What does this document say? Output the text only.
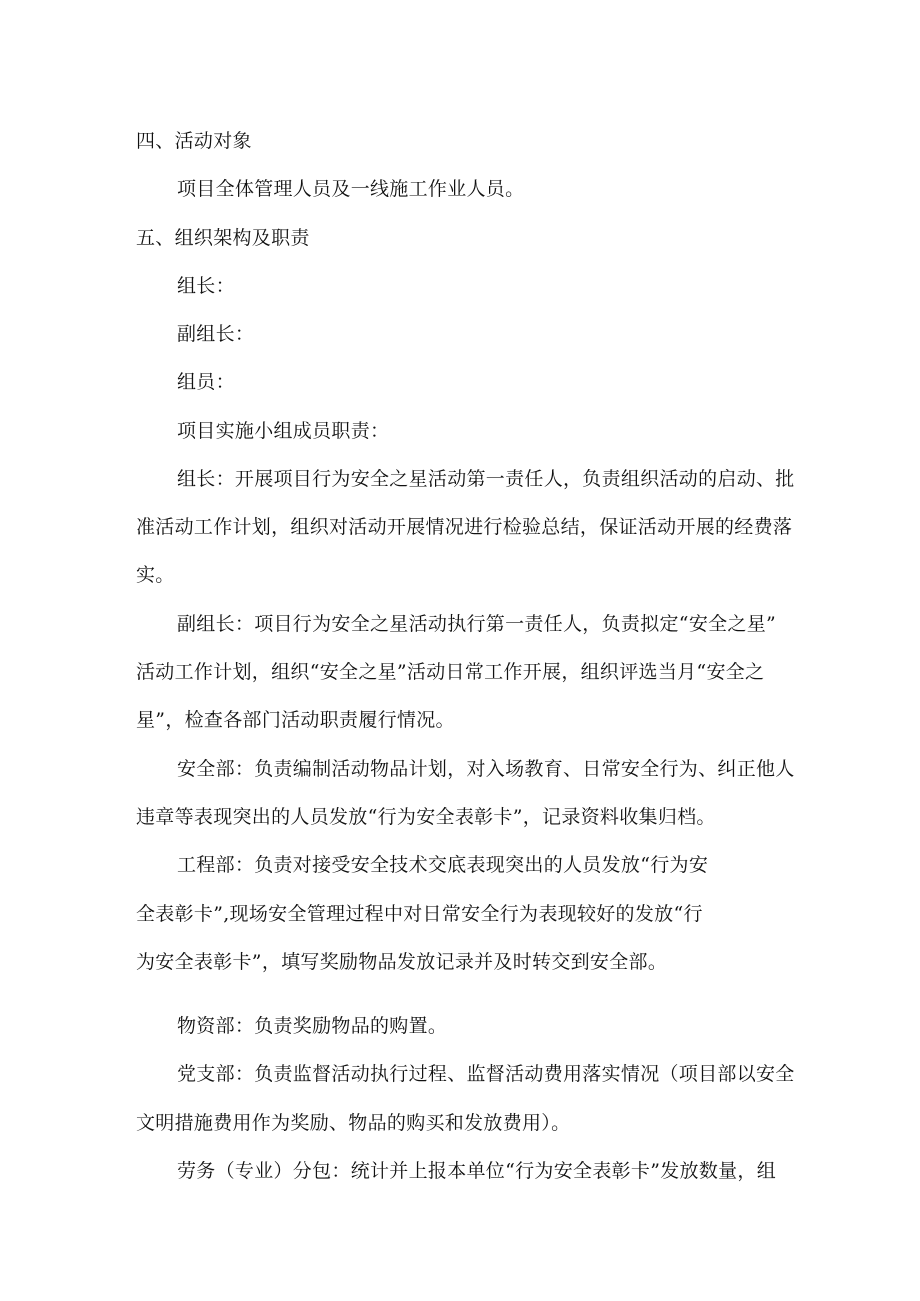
四、活动对象
项目全体管理人员及一线施工作业人员。
五、组织架构及职责
组长：
副组长：
组员：
项目实施小组成员职责：
组长：开展项目行为安全之星活动第一责任人，负责组织活动的启动、批
准活动工作计划，组织对活动开展情况进行检验总结，保证活动开展的经费落
实。
副组长：项目行为安全之星活动执行第一责任人，负责拟定“安全之星”
活动工作计划，组织“安全之星”活动日常工作开展，组织评选当月“安全之
星”，检查各部门活动职责履行情况。
安全部：负责编制活动物品计划，对入场教育、日常安全行为、纠正他人
违章等表现突出的人员发放“行为安全表彰卡”，记录资料收集归档。
工程部：负责对接受安全技术交底表现突出的人员发放“行为安
全表彰卡”,现场安全管理过程中对日常安全行为表现较好的发放“行
为安全表彰卡”，填写奖励物品发放记录并及时转交到安全部。
物资部：负责奖励物品的购置。
党支部：负责监督活动执行过程、监督活动费用落实情况（项目部以安全
文明措施费用作为奖励、物品的购买和发放费用）。
劳务（专业）分包：统计并上报本单位“行为安全表彰卡”发放数量，组
